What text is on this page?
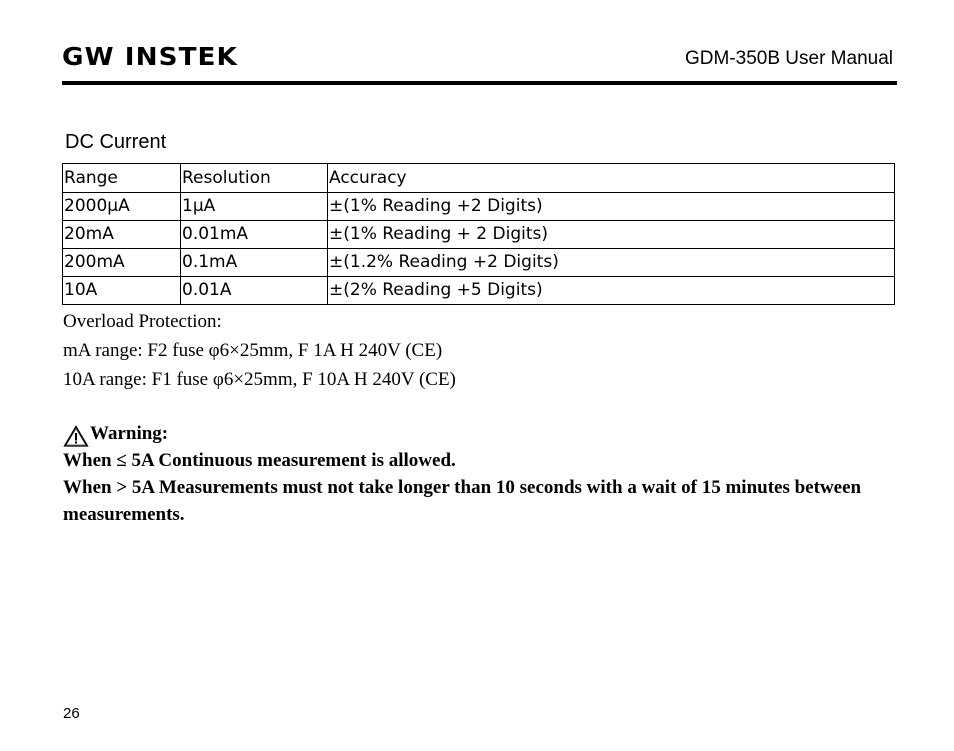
GW INSTEK	GDM-350B User Manual
DC Current
Range	Resolution	Accuracy
2000μA	1μA	±(1% Reading +2 Digits)
20mA	0.01mA	±(1% Reading + 2 Digits)
200mA	0.1mA	±(1.2% Reading +2 Digits)
10A	0.01A	±(2% Reading +5 Digits)
Overload Protection:
mA range: F2 fuse φ6×25mm, F 1A H 240V (CE)
10A range: F1 fuse φ6×25mm, F 10A H 240V (CE)
Warning:
When ≤ 5A Continuous measurement is allowed.
When > 5A Measurements must not take longer than 10 seconds with a wait of 15 minutes between measurements.
26
